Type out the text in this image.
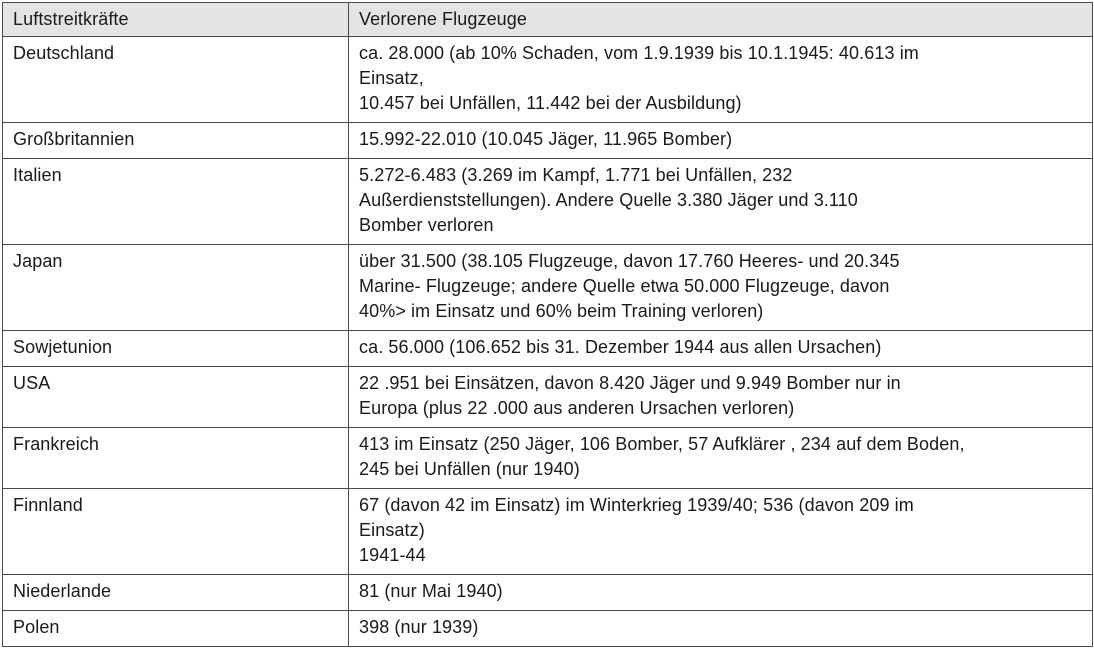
Luftstreitkräfte	Verlorene Flugzeuge
Deutschland	ca. 28.000 (ab 10% Schaden, vom 1.9.1939 bis 10.1.1945: 40.613 im
Einsatz,
10.457 bei Unfällen, 11.442 bei der Ausbildung)

Großbritannien	15.992-22.010 (10.045 Jäger, 11.965 Bomber)

Italien	5.272-6.483 (3.269 im Kampf, 1.771 bei Unfällen, 232
Außerdienststellungen). Andere Quelle 3.380 Jäger und 3.110
Bomber verloren

Japan	über 31.500 (38.105 Flugzeuge, davon 17.760 Heeres- und 20.345
Marine- Flugzeuge; andere Quelle etwa 50.000 Flugzeuge, davon
40%> im Einsatz und 60% beim Training verloren)

Sowjetunion	ca. 56.000 (106.652 bis 31. Dezember 1944 aus allen Ursachen)

USA	22 .951 bei Einsätzen, davon 8.420 Jäger und 9.949 Bomber nur in
Europa (plus 22 .000 aus anderen Ursachen verloren)

Frankreich	413 im Einsatz (250 Jäger, 106 Bomber, 57 Aufklärer , 234 auf dem Boden,
245 bei Unfällen (nur 1940)

Finnland	67 (davon 42 im Einsatz) im Winterkrieg 1939/40; 536 (davon 209 im
Einsatz)
1941-44

Niederlande	81 (nur Mai 1940)

Polen	398 (nur 1939)
